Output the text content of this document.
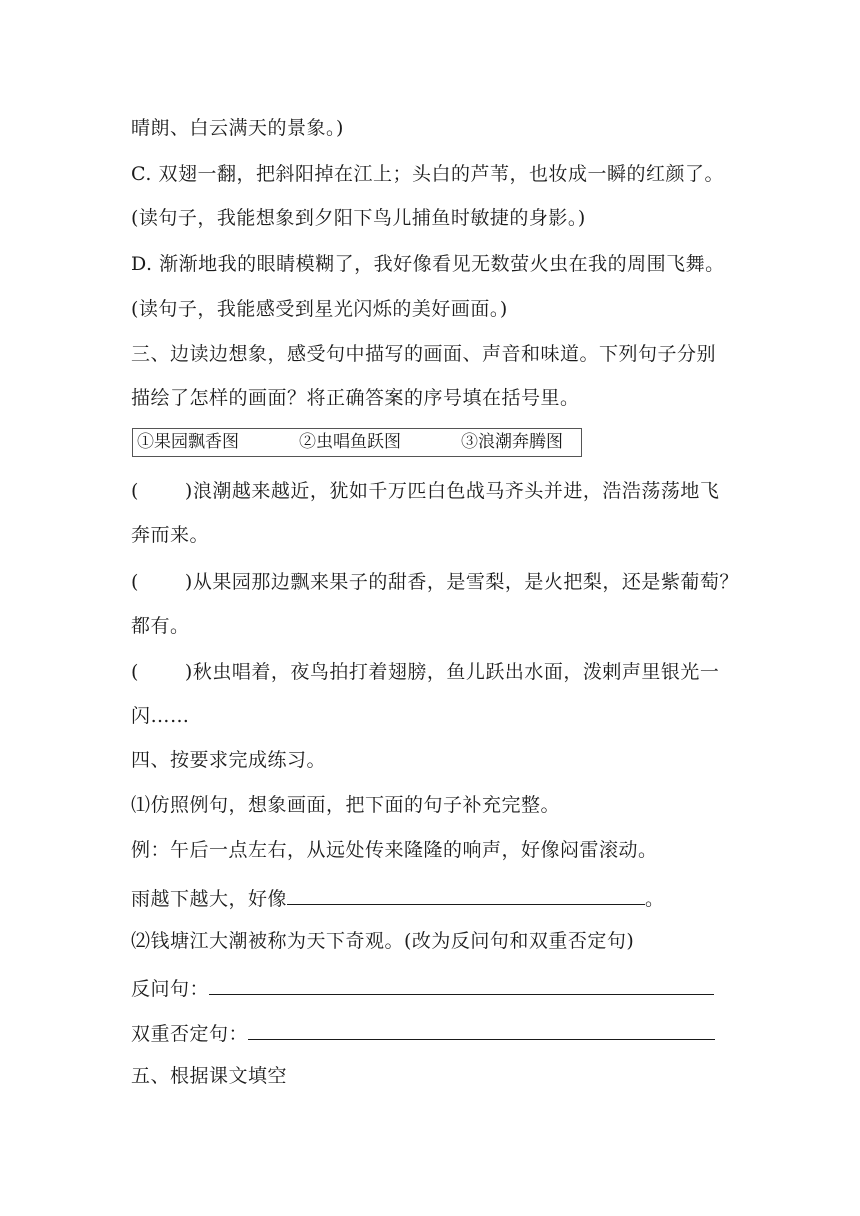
晴朗、白云满天的景象。)
C. 双翅一翻，把斜阳掉在江上；头白的芦苇，也妆成一瞬的红颜了。
(读句子，我能想象到夕阳下鸟儿捕鱼时敏捷的身影。)
D. 渐渐地我的眼睛模糊了，我好像看见无数萤火虫在我的周围飞舞。
(读句子，我能感受到星光闪烁的美好画面。)
三、边读边想象，感受句中描写的画面、声音和味道。下列句子分别
描绘了怎样的画面？将正确答案的序号填在括号里。
①果园飘香图	②虫唱鱼跃图	③浪潮奔腾图
( )浪潮越来越近，犹如千万匹白色战马齐头并进，浩浩荡荡地飞
奔而来。
( )从果园那边飘来果子的甜香，是雪梨，是火把梨，还是紫葡萄？
都有。
( )秋虫唱着，夜鸟拍打着翅膀，鱼儿跃出水面，泼剌声里银光一
闪……
四、按要求完成练习。
⑴仿照例句，想象画面，把下面的句子补充完整。
例：午后一点左右，从远处传来隆隆的响声，好像闷雷滚动。
雨越下越大，好像	。
⑵钱塘江大潮被称为天下奇观。(改为反问句和双重否定句)
反问句：
双重否定句：
五、根据课文填空
